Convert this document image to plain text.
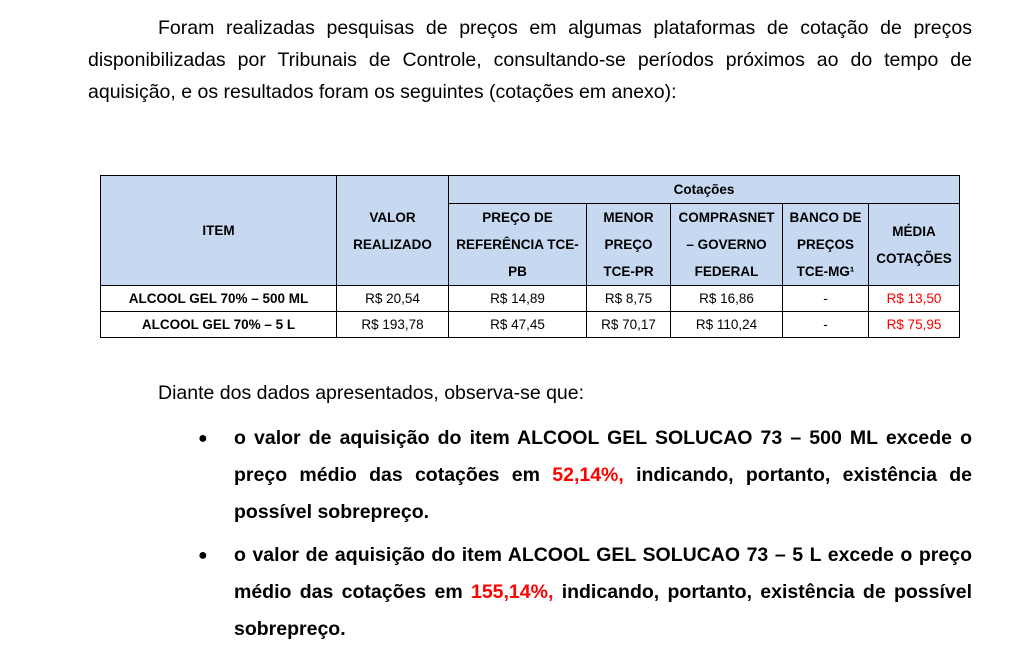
Foram realizadas pesquisas de preços em algumas plataformas de cotação de preços disponibilizadas por Tribunais de Controle, consultando-se períodos próximos ao do tempo de aquisição, e os resultados foram os seguintes (cotações em anexo):

ITEM	VALOR REALIZADO	Cotações				
		PREÇO DE REFERÊNCIA TCE-PB	MENOR PREÇO TCE-PR	COMPRASNET – GOVERNO FEDERAL	BANCO DE PREÇOS TCE-MG¹	MÉDIA COTAÇÕES
ALCOOL GEL 70% – 500 ML	R$ 20,54	R$ 14,89	R$ 8,75	R$ 16,86	-	R$ 13,50
ALCOOL GEL 70% – 5 L	R$ 193,78	R$ 47,45	R$ 70,17	R$ 110,24	-	R$ 75,95

Diante dos dados apresentados, observa-se que:

● o valor de aquisição do item ALCOOL GEL SOLUCAO 73 – 500 ML excede o preço médio das cotações em 52,14%, indicando, portanto, existência de possível sobrepreço.
● o valor de aquisição do item ALCOOL GEL SOLUCAO 73 – 5 L excede o preço médio das cotações em 155,14%, indicando, portanto, existência de possível sobrepreço.
